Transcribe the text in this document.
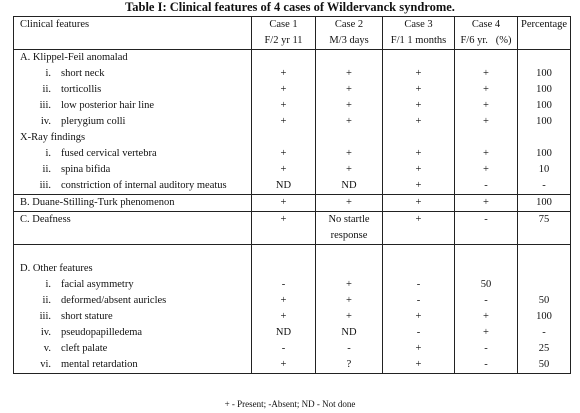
Table I: Clinical features of 4 cases of Wildervanck syndrome.
Clinical features	Case 1	Case 2	Case 3	Case 4	Percentage
	F/2 yr 11	M/3 days	F/1 1 months	F/6 yr. (%)	
A. Klippel-Feil anomalad					
i. short neck	+	+	+	+	100
ii. torticollis	+	+	+	+	100
iii. low posterior hair line	+	+	+	+	100
iv. plerygium colli	+	+	+	+	100
X-Ray findings					
i. fused cervical vertebra	+	+	+	+	100
ii. spina bifida	+	+	+	+	10
iii. constriction of internal auditory meatus	ND	ND	+	-	-
B. Duane-Stilling-Turk phenomenon	+	+	+	+	100
C. Deafness	+	No startle	+	-	75
		response			

D. Other features					
i. facial asymmetry	-	+	-	50	
ii. deformed/absent auricles	+	+	-	-	50
iii. short stature	+	+	+	+	100
iv. pseudopapilledema	ND	ND	-	+	-
v. cleft palate	-	-	+	-	25
vi. mental retardation	+	?	+	-	50
+ - Present; -Absent; ND - Not done
